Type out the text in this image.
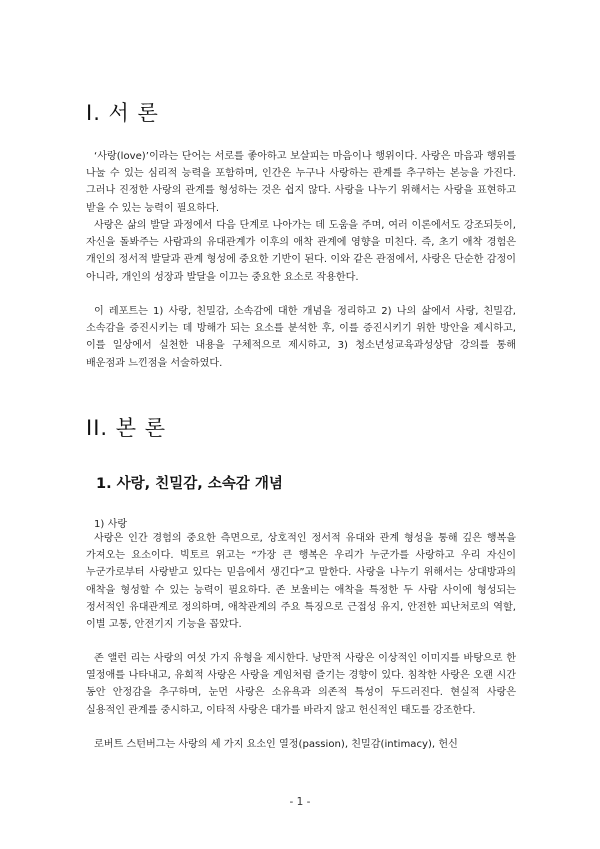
I. 서 론

‘사랑(love)’이라는 단어는 서로를 좋아하고 보살피는 마음이나 행위이다. 사랑은 마음과 행위를 나눌 수 있는 심리적 능력을 포함하며, 인간은 누구나 사랑하는 관계를 추구하는 본능을 가진다. 그러나 진정한 사랑의 관계를 형성하는 것은 쉽지 않다. 사랑을 나누기 위해서는 사랑을 표현하고 받을 수 있는 능력이 필요하다.

사랑은 삶의 발달 과정에서 다음 단계로 나아가는 데 도움을 주며, 여러 이론에서도 강조되듯이, 자신을 돌봐주는 사람과의 유대관계가 이후의 애착 관계에 영향을 미친다. 즉, 초기 애착 경험은 개인의 정서적 발달과 관계 형성에 중요한 기반이 된다. 이와 같은 관점에서, 사랑은 단순한 감정이 아니라, 개인의 성장과 발달을 이끄는 중요한 요소로 작용한다.

이 레포트는 1) 사랑, 친밀감, 소속감에 대한 개념을 정리하고 2) 나의 삶에서 사랑, 친밀감, 소속감을 증진시키는 데 방해가 되는 요소를 분석한 후, 이를 증진시키기 위한 방안을 제시하고, 이를 일상에서 실천한 내용을 구체적으로 제시하고, 3) 청소년성교육과성상담 강의를 통해 배운점과 느낀점을 서술하였다.

II. 본 론
1. 사랑, 친밀감, 소속감 개념
1) 사랑

사랑은 인간 경험의 중요한 측면으로, 상호적인 정서적 유대와 관계 형성을 통해 깊은 행복을 가져오는 요소이다. 빅토르 위고는 “가장 큰 행복은 우리가 누군가를 사랑하고 우리 자신이 누군가로부터 사랑받고 있다는 믿음에서 생긴다”고 말한다. 사랑을 나누기 위해서는 상대방과의 애착을 형성할 수 있는 능력이 필요하다. 존 보울비는 애착을 특정한 두 사람 사이에 형성되는 정서적인 유대관계로 정의하며, 애착관계의 주요 특징으로 근접성 유지, 안전한 피난처로의 역할, 이별 고통, 안전기지 기능을 꼽았다.

존 앨런 리는 사랑의 여섯 가지 유형을 제시한다. 낭만적 사랑은 이상적인 이미지를 바탕으로 한 열정애를 나타내고, 유희적 사랑은 사랑을 게임처럼 즐기는 경향이 있다. 침착한 사랑은 오랜 시간 동안 안정감을 추구하며, 눈먼 사랑은 소유욕과 의존적 특성이 두드러진다. 현실적 사랑은 실용적인 관계를 중시하고, 이타적 사랑은 대가를 바라지 않고 헌신적인 태도를 강조한다.

로버트 스턴버그는 사랑의 세 가지 요소인 열정(passion), 친밀감(intimacy), 헌신

- 1 -
